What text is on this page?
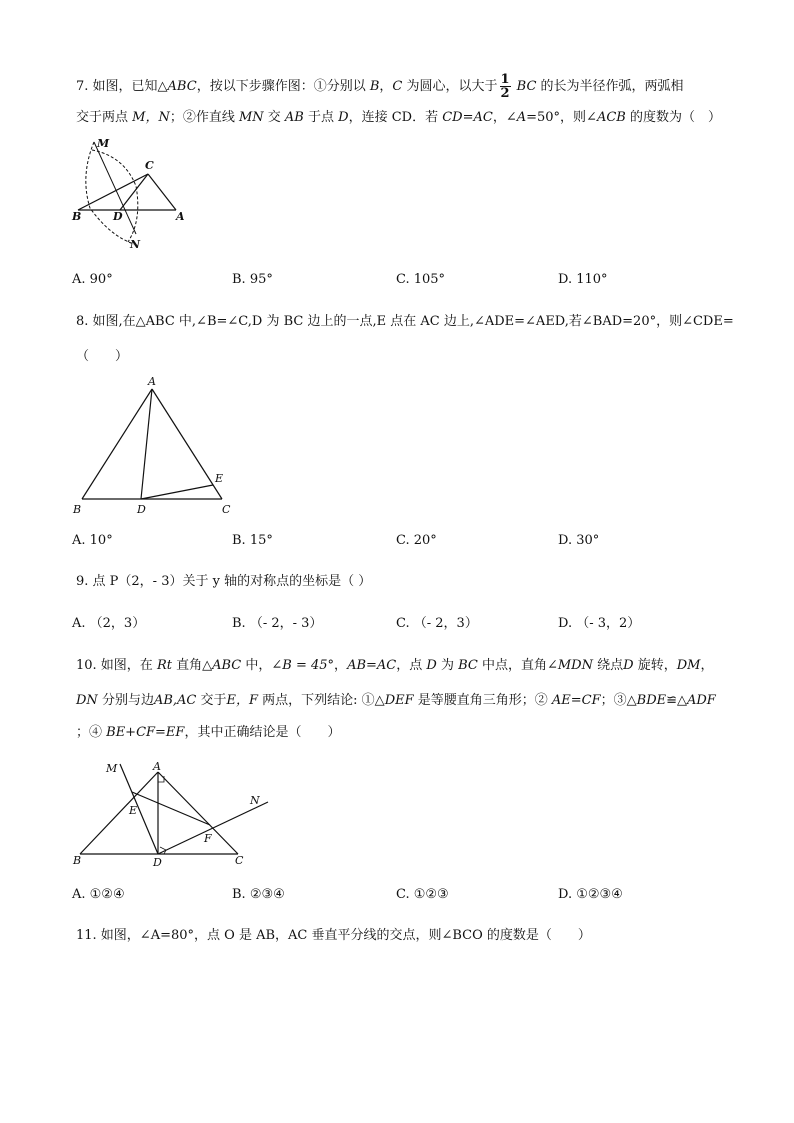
7. 如图，已知△ABC，按以下步骤作图：①分别以 B，C 为圆心，以大于 $\frac{1}{2}$ BC 的长为半径作弧，两弧相
交于两点 M，N；②作直线 MN 交 AB 于点 D，连接 CD．若 CD=AC，∠A=50°，则∠ACB 的度数为（　）
M
C
B	D	A
N
A. 90°	B. 95°	C. 105°	D. 110°
8. 如图,在△ABC 中,∠B=∠C,D 为 BC 边上的一点,E 点在 AC 边上,∠ADE=∠AED,若∠BAD=20°，则∠CDE=
（　　）
A
E
B	D	C
A. 10°	B. 15°	C. 20°	D. 30°
9. 点 P（2，- 3）关于 y 轴的对称点的坐标是（ ）
A. （2，3）	B. （- 2，- 3）	C. （- 2，3）	D. （- 3，2）
10. 如图，在 Rt 直角△ABC 中，∠B = 45°，AB=AC，点 D 为 BC 中点，直角∠MDN 绕点D 旋转，DM，
DN 分别与边AB,AC 交于E，F 两点，下列结论: ①△DEF 是等腰直角三角形；② AE=CF；③△BDE≌△ADF
；④ BE+CF=EF，其中正确结论是（　　）
M	A
N
E
F
B	D	C
A. ①②④	B. ②③④	C. ①②③	D. ①②③④
11. 如图，∠A=80°，点 O 是 AB，AC 垂直平分线的交点，则∠BCO 的度数是（　　）
